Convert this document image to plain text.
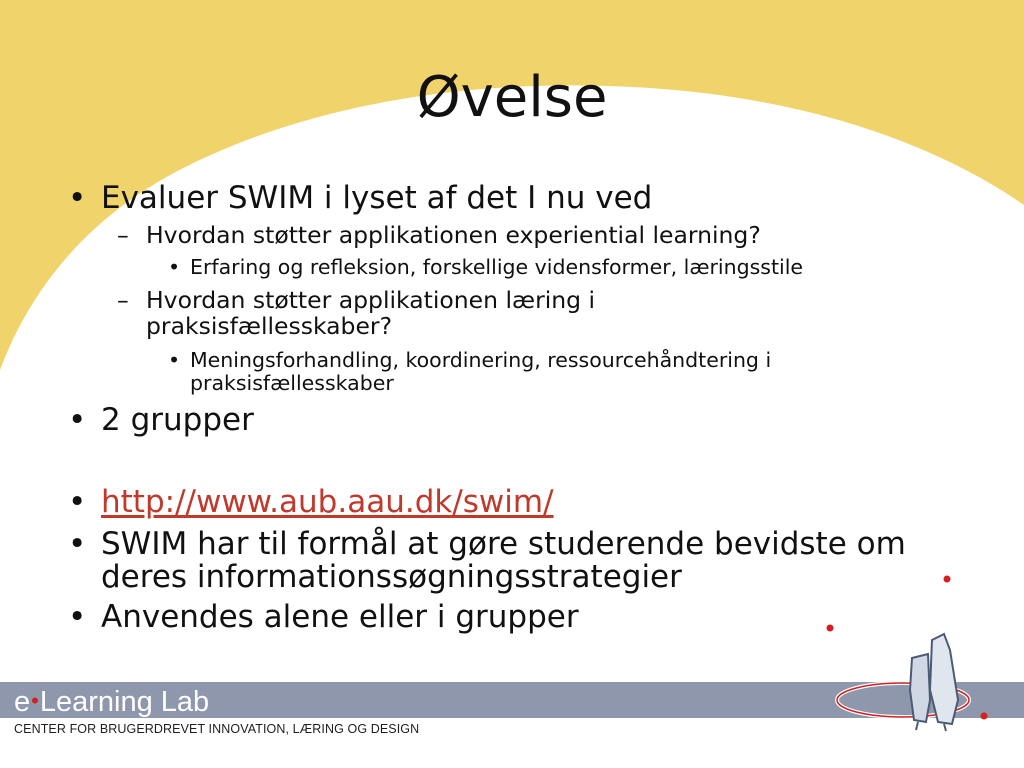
Øvelse
• Evaluer SWIM i lyset af det I nu ved

– Hvordan støtter applikationen experiential learning?

• Erfaring og refleksion, forskellige vidensformer, læringsstile

– Hvordan støtter applikationen læring i

praksisfællesskaber?

• Meningsforhandling, koordinering, ressourcehåndtering i

praksisfællesskaber

• 2 grupper

• http://www.aub.aau.dk/swim/

• SWIM har til formål at gøre studerende bevidste om

deres informationssøgningsstrategier

• Anvendes alene eller i grupper

e•Learning Lab
CENTER FOR BRUGERDREVET INNOVATION, LÆRING OG DESIGN
